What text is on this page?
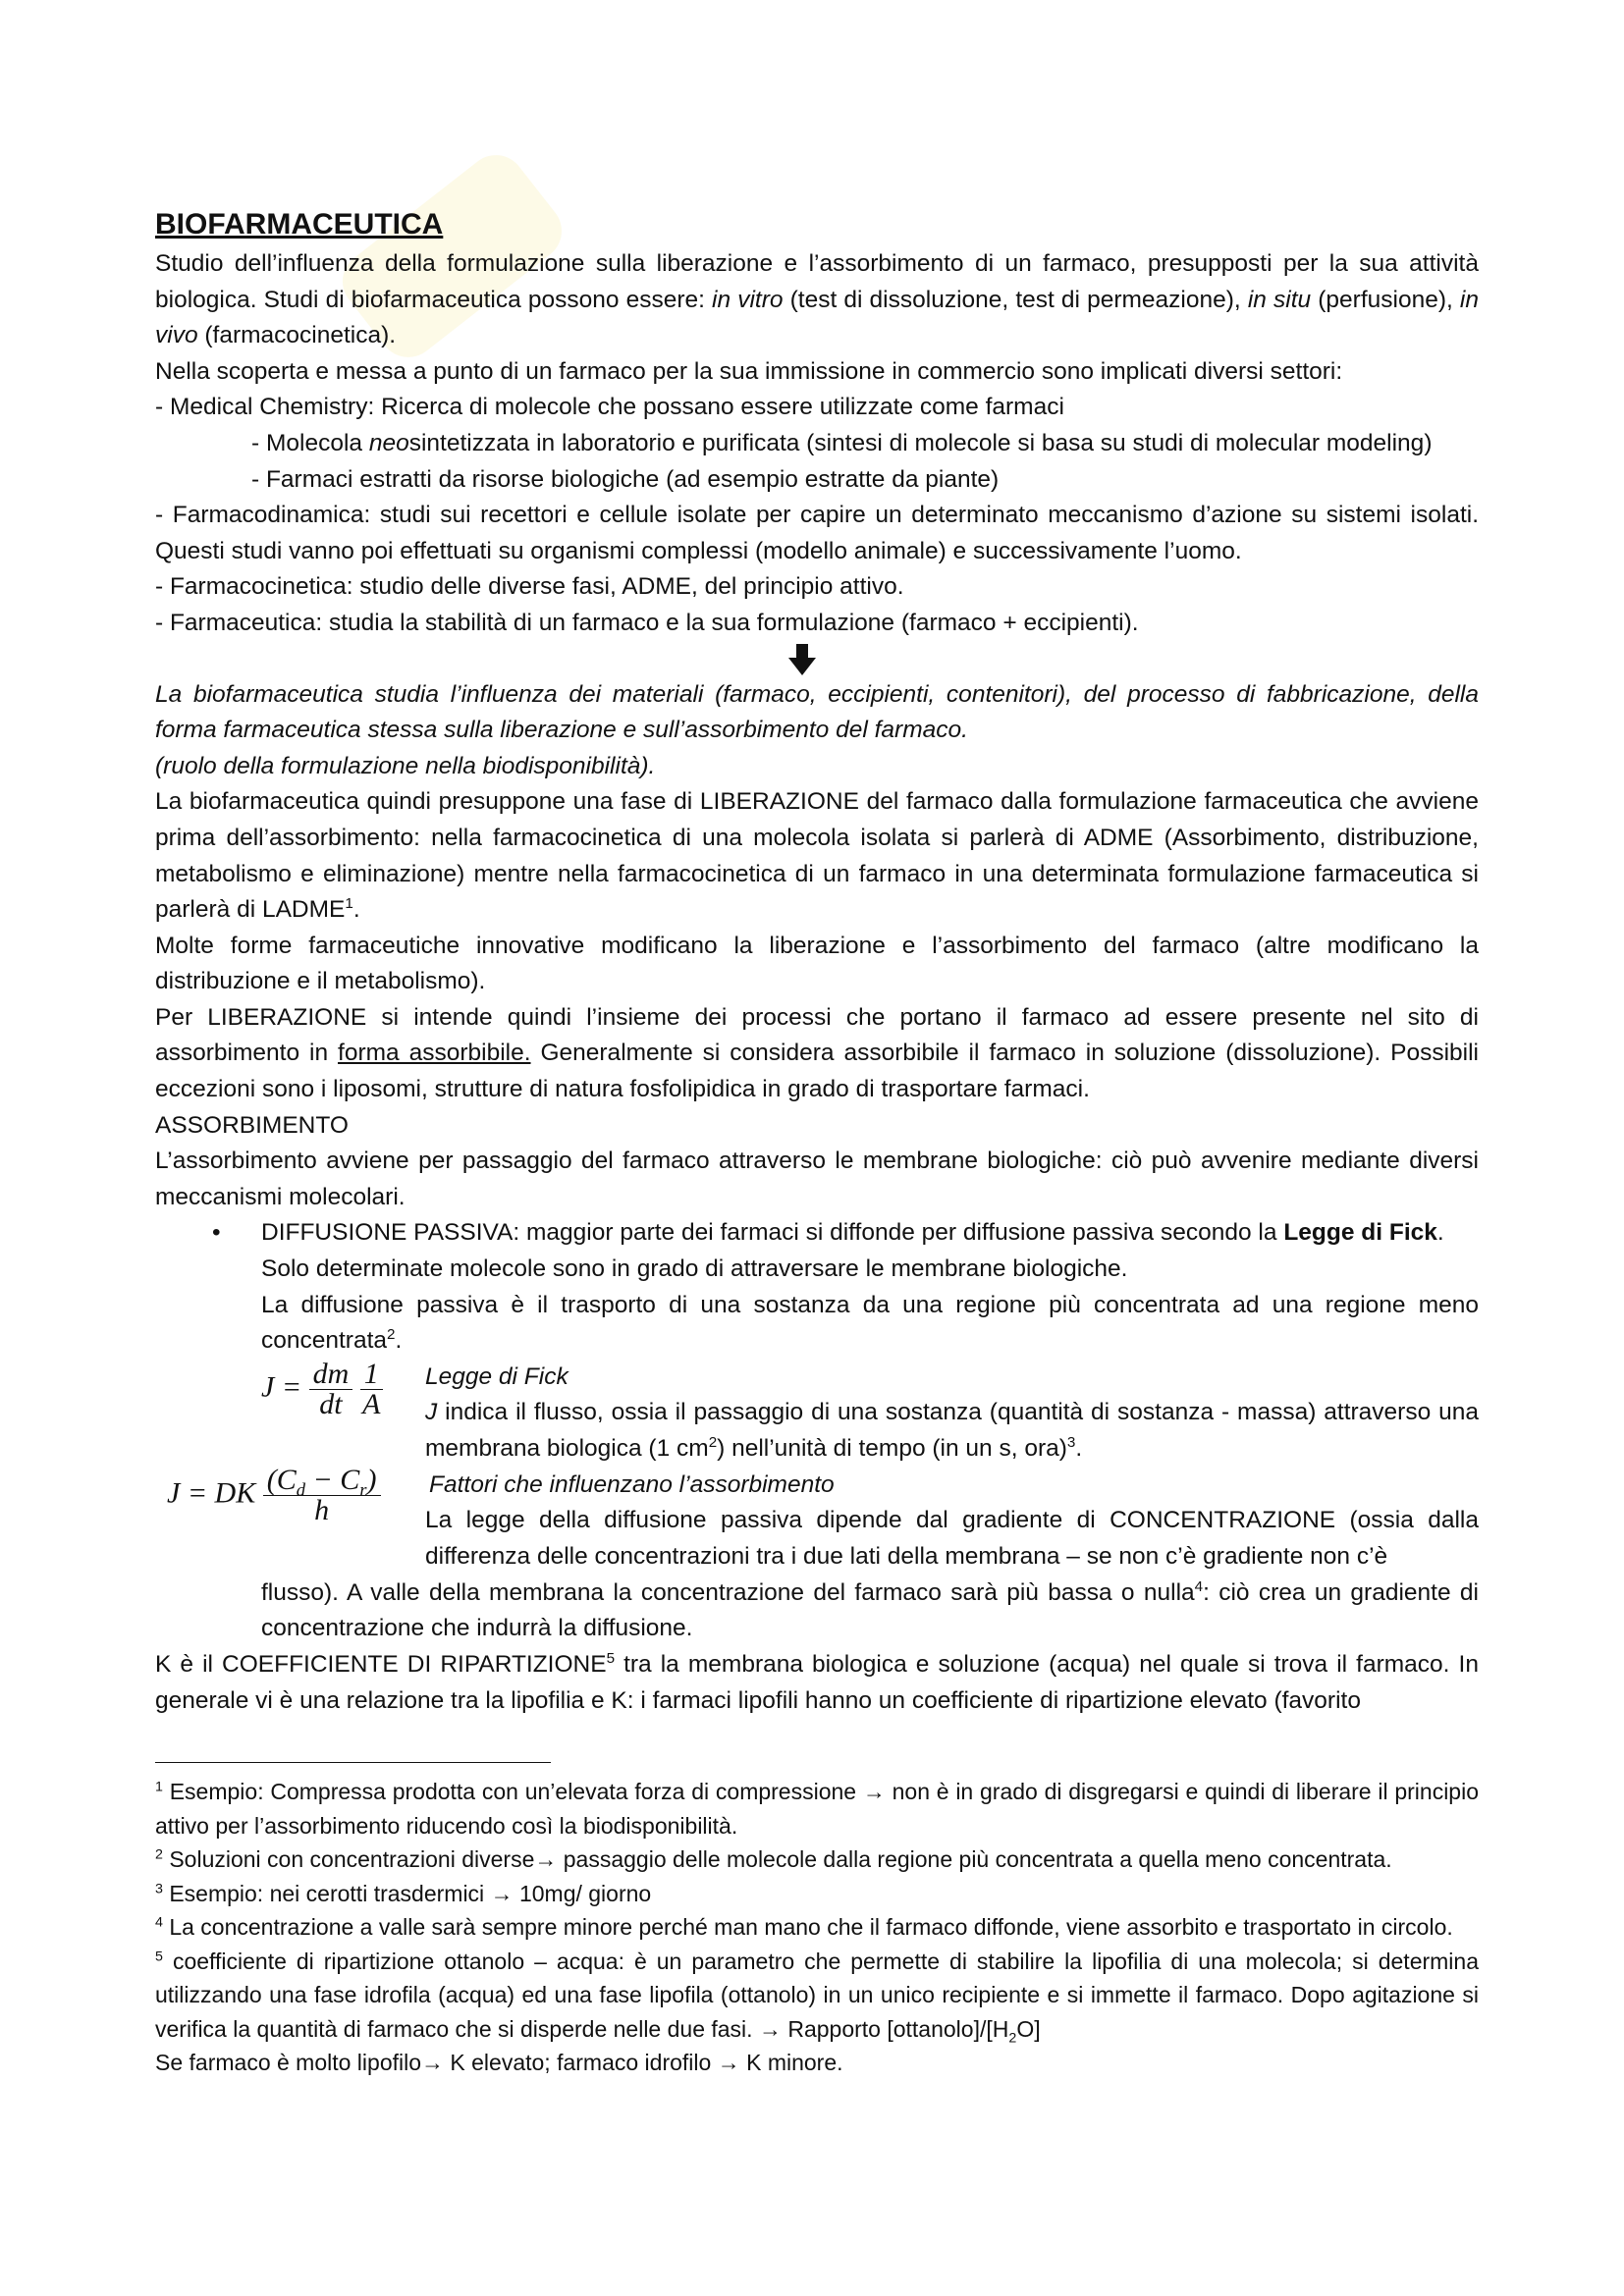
BIOFARMACEUTICA

Studio dell’influenza della formulazione sulla liberazione e l’assorbimento di un farmaco, presupposti per la sua attività biologica. Studi di biofarmaceutica possono essere: in vitro (test di dissoluzione, test di permeazione), in situ (perfusione), in vivo (farmacocinetica).

Nella scoperta e messa a punto di un farmaco per la sua immissione in commercio sono implicati diversi settori:

- Medical Chemistry: Ricerca di molecole che possano essere utilizzate come farmaci

- Molecola neosintetizzata in laboratorio e purificata (sintesi di molecole si basa su studi di molecular modeling)

- Farmaci estratti da risorse biologiche (ad esempio estratte da piante)

- Farmacodinamica: studi sui recettori e cellule isolate per capire un determinato meccanismo d’azione su sistemi isolati. Questi studi vanno poi effettuati su organismi complessi (modello animale) e successivamente l’uomo.

- Farmacocinetica: studio delle diverse fasi, ADME, del principio attivo.

- Farmaceutica: studia la stabilità di un farmaco e la sua formulazione (farmaco + eccipienti).

La biofarmaceutica studia l’influenza dei materiali (farmaco, eccipienti, contenitori), del processo di fabbricazione, della forma farmaceutica stessa sulla liberazione e sull’assorbimento del farmaco.

(ruolo della formulazione nella biodisponibilità).

La biofarmaceutica quindi presuppone una fase di LIBERAZIONE del farmaco dalla formulazione farmaceutica che avviene prima dell’assorbimento: nella farmacocinetica di una molecola isolata si parlerà di ADME (Assorbimento, distribuzione, metabolismo e eliminazione) mentre nella farmacocinetica di un farmaco in una determinata formulazione farmaceutica si parlerà di LADME$^1$.

Molte forme farmaceutiche innovative modificano la liberazione e l’assorbimento del farmaco (altre modificano la distribuzione e il metabolismo).

Per LIBERAZIONE si intende quindi l’insieme dei processi che portano il farmaco ad essere presente nel sito di assorbimento in forma assorbibile. Generalmente si considera assorbibile il farmaco in soluzione (dissoluzione). Possibili eccezioni sono i liposomi, strutture di natura fosfolipidica in grado di trasportare farmaci.

ASSORBIMENTO

L’assorbimento avviene per passaggio del farmaco attraverso le membrane biologiche: ciò può avvenire mediante diversi meccanismi molecolari.

• DIFFUSIONE PASSIVA: maggior parte dei farmaci si diffonde per diffusione passiva secondo la Legge di Fick.

Solo determinate molecole sono in grado di attraversare le membrane biologiche.

La diffusione passiva è il trasporto di una sostanza da una regione più concentrata ad una regione meno concentrata$^2$.

$J = \frac{dm}{dt}$
$\frac{1}{A}$
J = DK $\frac{(C_d - C_r)}{h}$

Legge di Fick

J indica il flusso, ossia il passaggio di una sostanza (quantità di sostanza - massa) attraverso una membrana biologica (1 $cm^2$) nell’unità di tempo (in un s, ora)$^3$.

Fattori che influenzano l’assorbimento

La legge della diffusione passiva dipende dal gradiente di CONCENTRAZIONE (ossia dalla differenza delle concentrazioni tra i due lati della membrana – se non c’è gradiente non c’è

flusso). A valle della membrana la concentrazione del farmaco sarà più bassa o nulla$^4$: ciò crea un gradiente di concentrazione che indurrà la diffusione.

K è il COEFFICIENTE DI RIPARTIZIONE$^5$ tra la membrana biologica e soluzione (acqua) nel quale si trova il farmaco. In generale vi è una relazione tra la lipofilia e K: i farmaci lipofili hanno un coefficiente di ripartizione elevato (favorito

$^1$ Esempio: Compressa prodotta con un’elevata forza di compressione → non è in grado di disgregarsi e quindi di liberare il principio attivo per l’assorbimento riducendo così la biodisponibilità.

$^2$ Soluzioni con concentrazioni diverse→ passaggio delle molecole dalla regione più concentrata a quella meno concentrata.

$^3$ Esempio: nei cerotti trasdermici → 10mg/ giorno

$^4$ La concentrazione a valle sarà sempre minore perché man mano che il farmaco diffonde, viene assorbito e trasportato in circolo.

$^5$ coefficiente di ripartizione ottanolo – acqua: è un parametro che permette di stabilire la lipofilia di una molecola; si determina utilizzando una fase idrofila (acqua) ed una fase lipofila (ottanolo) in un unico recipiente e si immette il farmaco. Dopo agitazione si verifica la quantità di farmaco che si disperde nelle due fasi. → Rapporto $[ottanolo]/[H_2O]$

Se farmaco è molto lipofilo→ K elevato; farmaco idrofilo → K minore.
